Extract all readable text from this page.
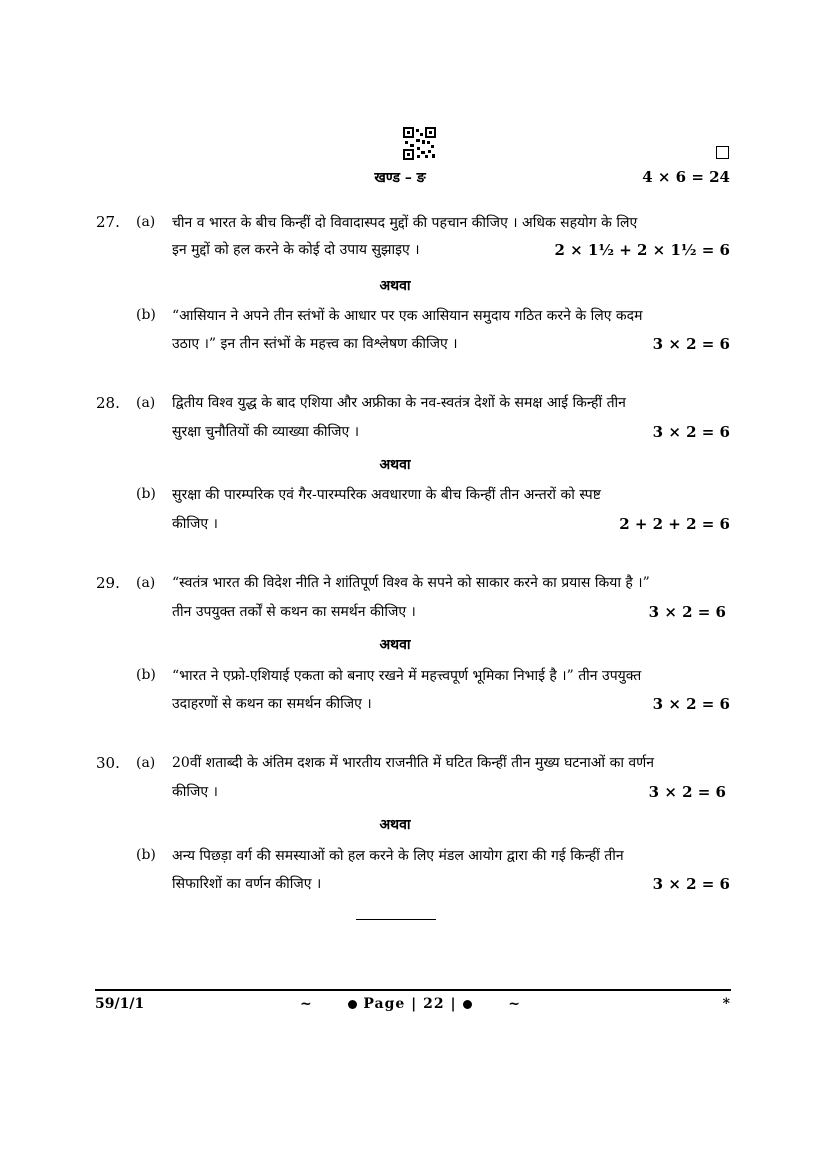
खण्ड – ङ	4 × 6 = 24
27.	(a)	चीन व भारत के बीच किन्हीं दो विवादास्पद मुद्दों की पहचान कीजिए । अधिक सहयोग के लिए
इन मुद्दों को हल करने के कोई दो उपाय सुझाइए ।	2 × 1½ + 2 × 1½ = 6
अथवा
(b)	“आसियान ने अपने तीन स्तंभों के आधार पर एक आसियान समुदाय गठित करने के लिए कदम
उठाए ।” इन तीन स्तंभों के महत्त्व का विश्लेषण कीजिए ।	3 × 2 = 6
28.	(a)	द्वितीय विश्व युद्ध के बाद एशिया और अफ्रीका के नव-स्वतंत्र देशों के समक्ष आई किन्हीं तीन
सुरक्षा चुनौतियों की व्याख्या कीजिए ।	3 × 2 = 6
अथवा
(b)	सुरक्षा की पारम्परिक एवं गैर-पारम्परिक अवधारणा के बीच किन्हीं तीन अन्तरों को स्पष्ट
कीजिए ।	2 + 2 + 2 = 6
29.	(a)	“स्वतंत्र भारत की विदेश नीति ने शांतिपूर्ण विश्व के सपने को साकार करने का प्रयास किया है ।”
तीन उपयुक्त तर्कों से कथन का समर्थन कीजिए ।	3 × 2 = 6
अथवा
(b)	“भारत ने एफ्रो-एशियाई एकता को बनाए रखने में महत्त्वपूर्ण भूमिका निभाई है ।” तीन उपयुक्त
उदाहरणों से कथन का समर्थन कीजिए ।	3 × 2 = 6
30.	(a)	20वीं शताब्दी के अंतिम दशक में भारतीय राजनीति में घटित किन्हीं तीन मुख्य घटनाओं का वर्णन
कीजिए ।	3 × 2 = 6
अथवा
(b)	अन्य पिछड़ा वर्ग की समस्याओं को हल करने के लिए मंडल आयोग द्वारा की गई किन्हीं तीन
सिफारिशों का वर्णन कीजिए ।	3 × 2 = 6
59/1/1	~	Page | 22 |	~	*
